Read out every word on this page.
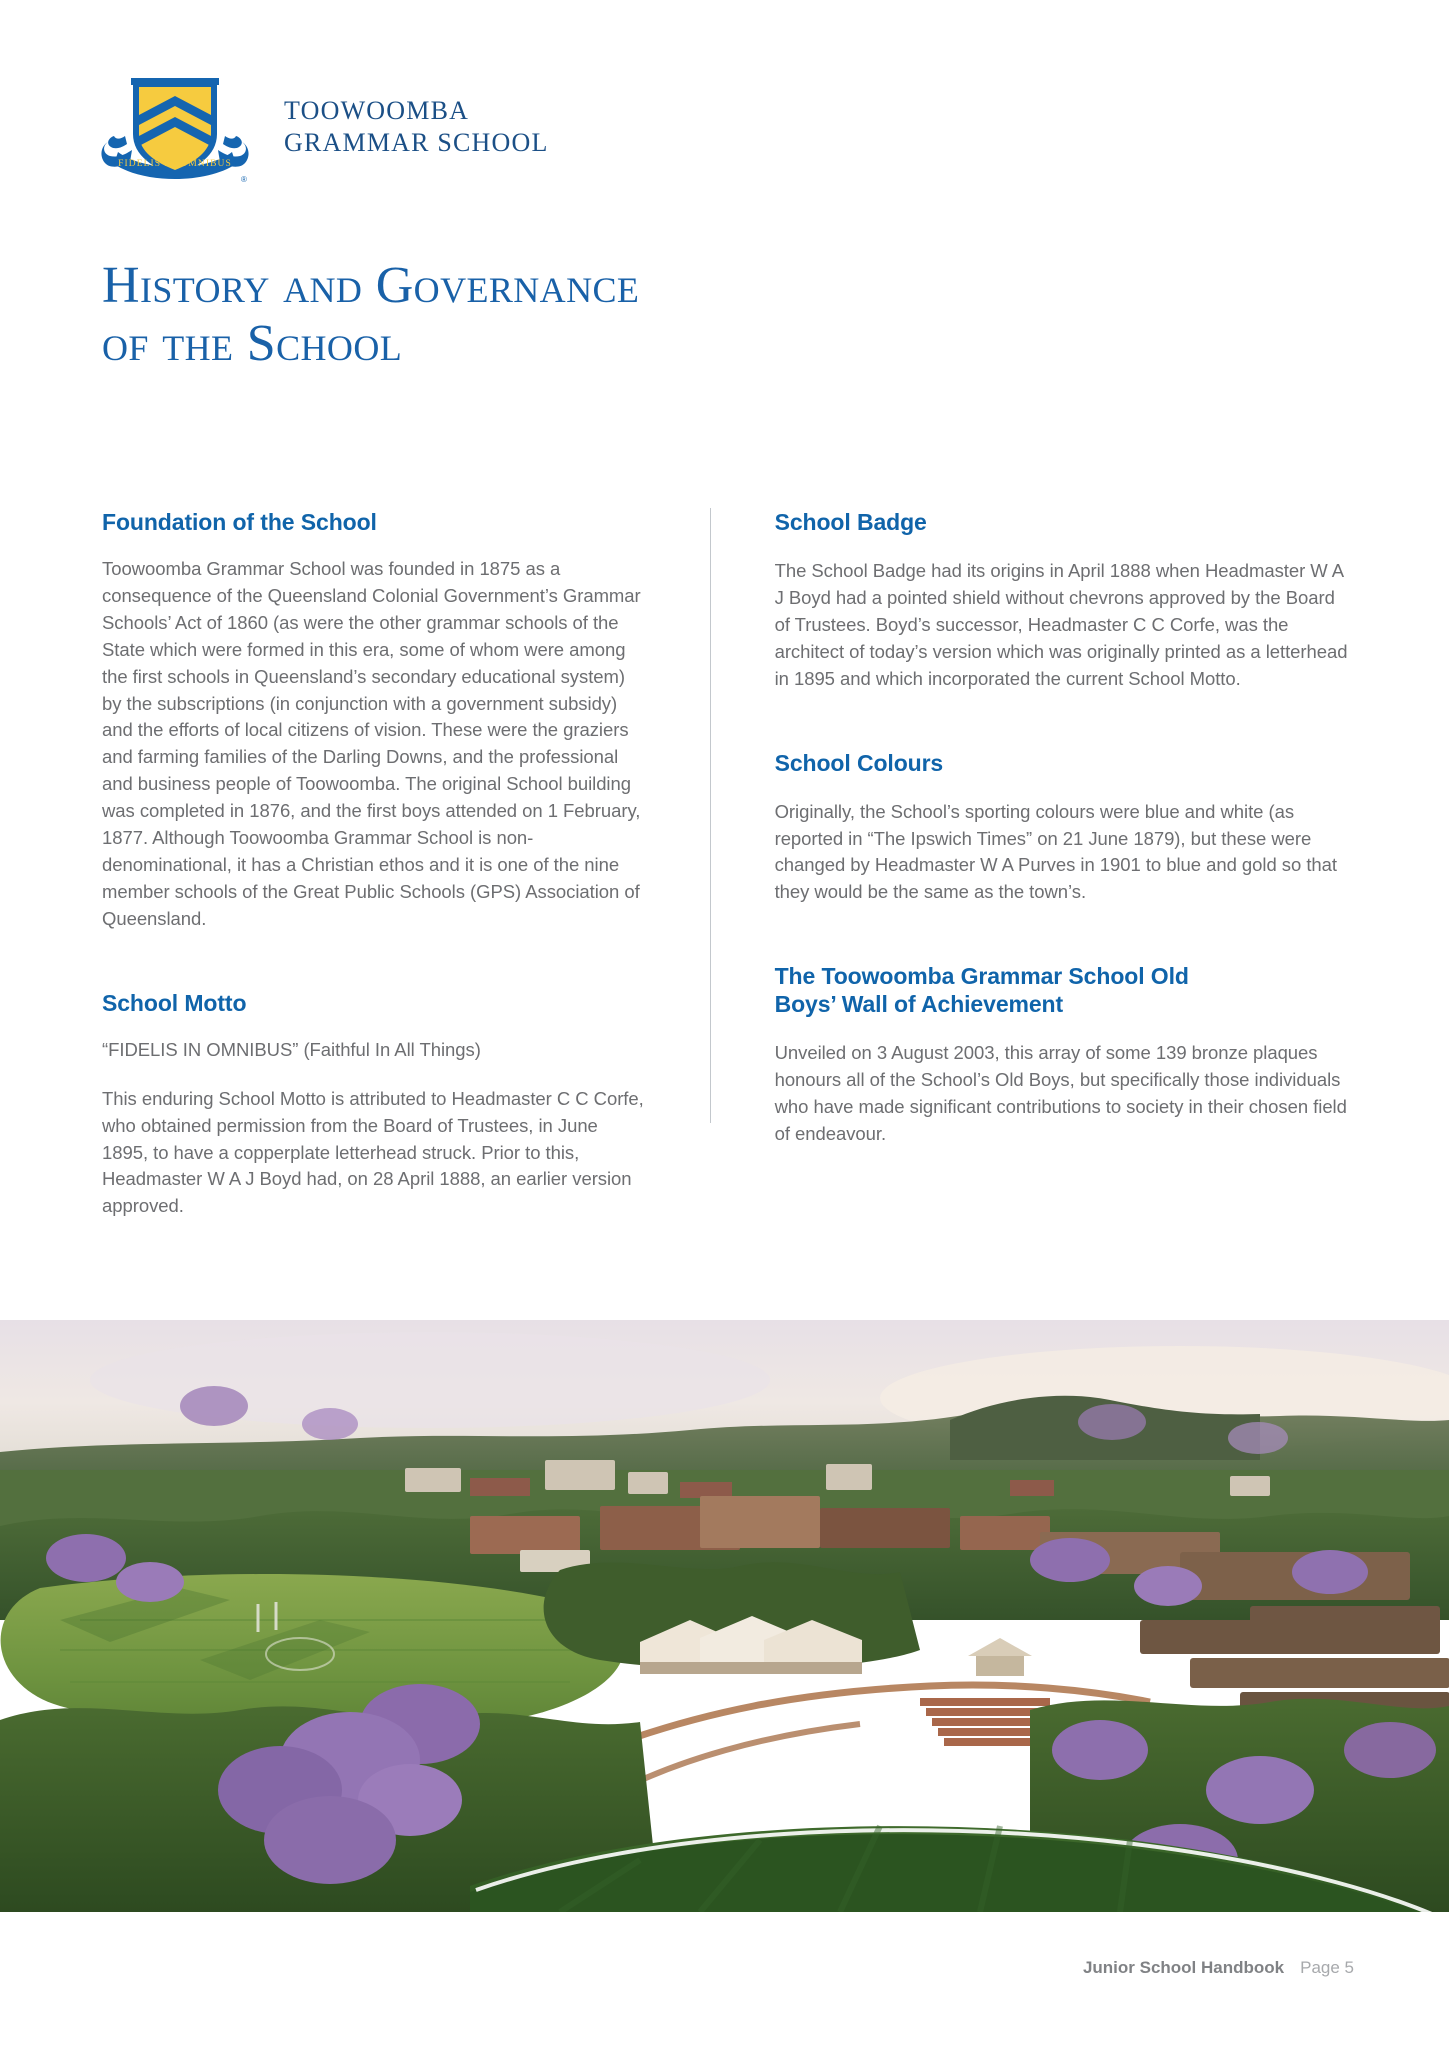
FIDELIS IN OMNIBUS
®
TOOWOOMBA
GRAMMAR SCHOOL
History and Governance
of the School
Foundation of the School

Toowoomba Grammar School was founded in 1875 as a consequence of the Queensland Colonial Government’s Grammar Schools’ Act of 1860 (as were the other grammar schools of the State which were formed in this era, some of whom were among the first schools in Queensland’s secondary educational system) by the subscriptions (in conjunction with a government subsidy) and the efforts of local citizens of vision. These were the graziers and farming families of the Darling Downs, and the professional and business people of Toowoomba. The original School building was completed in 1876, and the first boys attended on 1 February, 1877. Although Toowoomba Grammar School is non-denominational, it has a Christian ethos and it is one of the nine member schools of the Great Public Schools (GPS) Association of Queensland.

School Motto

“FIDELIS IN OMNIBUS” (Faithful In All Things)

This enduring School Motto is attributed to Headmaster C C Corfe, who obtained permission from the Board of Trustees, in June 1895, to have a copperplate letterhead struck. Prior to this, Headmaster W A J Boyd had, on 28 April 1888, an earlier version approved.

School Badge

The School Badge had its origins in April 1888 when Headmaster W A J Boyd had a pointed shield without chevrons approved by the Board of Trustees. Boyd’s successor, Headmaster C C Corfe, was the architect of today’s version which was originally printed as a letterhead in 1895 and which incorporated the current School Motto.

School Colours

Originally, the School’s sporting colours were blue and white (as reported in “The Ipswich Times” on 21 June 1879), but these were changed by Headmaster W A Purves in 1901 to blue and gold so that they would be the same as the town’s.

The Toowoomba Grammar School Old
Boys’ Wall of Achievement

Unveiled on 3 August 2003, this array of some 139 bronze plaques honours all of the School’s Old Boys, but specifically those individuals who have made significant contributions to society in their chosen field of endeavour.

Junior School Handbook Page 5
